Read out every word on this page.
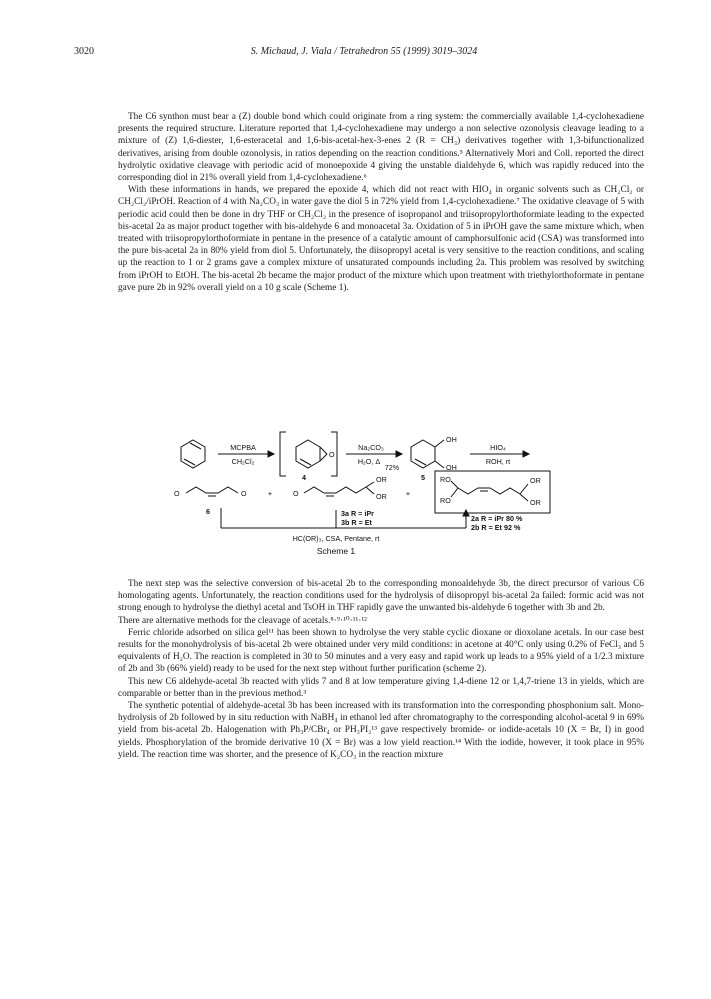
3020	S. Michaud, J. Viala / Tetrahedron 55 (1999) 3019–3024

The C6 synthon must bear a (Z) double bond which could originate from a ring system: the commercially available 1,4-cyclohexadiene presents the required structure. Literature reported that 1,4-cyclohexadiene may undergo a non selective ozonolysis cleavage leading to a mixture of (Z) 1,6-diester, 1,6-esteracetal and 1,6-bis-acetal-hex-3-enes 2 (R = CH₃) derivatives together with 1,3-bifunctionalized derivatives, arising from double ozonolysis, in ratios depending on the reaction conditions.⁵ Alternatively Mori and Coll. reported the direct hydrolytic oxidative cleavage with periodic acid of monoepoxide 4 giving the unstable dialdehyde 6, which was rapidly reduced into the corresponding diol in 21% overall yield from 1,4-cyclohexadiene.⁶

With these informations in hands, we prepared the epoxide 4, which did not react with HIO₄ in organic solvents such as CH₂Cl₂ or CH₂Cl₂/iPrOH. Reaction of 4 with Na₂CO₃ in water gave the diol 5 in 72% yield from 1,4-cyclohexadiene.⁷ The oxidative cleavage of 5 with periodic acid could then be done in dry THF or CH₂Cl₂ in the presence of isopropanol and triisopropylorthoformiate leading to the expected bis-acetal 2a as major product together with bis-aldehyde 6 and monoacetal 3a. Oxidation of 5 in iPrOH gave the same mixture which, when treated with triisopropylorthoformiate in pentane in the presence of a catalytic amount of camphorsulfonic acid (CSA) was transformed into the pure bis-acetal 2a in 80% yield from diol 5. Unfortunately, the diisopropyl acetal is very sensitive to the reaction conditions, and scaling up the reaction to 1 or 2 grams gave a complex mixture of unsaturated compounds including 2a. This problem was resolved by switching from iPrOH to EtOH. The bis-acetal 2b became the major product of the mixture which upon treatment with triethylorthoformate in pentane gave pure 2b in 92% overall yield on a 10 g scale (Scheme 1).

MCPBA
CH₂Cl₂
O
4
Na₂CO₃
H₂O, Δ
72%
OH
OH
5
HIO₄
ROH, rt
O	O	+	O
OR
OR	+
RO
RO
OR
OR
6	3a R = iPr
3b R = Et	2a R = iPr 80 %
2b R = Et 92 %
HC(OR)₃, CSA, Pentane, rt
Scheme 1

The next step was the selective conversion of bis-acetal 2b to the corresponding monoaldehyde 3b, the direct precursor of various C6 homologating agents. Unfortunately, the reaction conditions used for the hydrolysis of diisopropyl bis-acetal 2a failed: formic acid was not strong enough to hydrolyse the diethyl acetal and TsOH in THF rapidly gave the unwanted bis-aldehyde 6 together with 3b and 2b.

There are alternative methods for the cleavage of acetals.⁸·⁹·¹⁰·¹¹·¹²

Ferric chloride adsorbed on silica gel¹¹ has been shown to hydrolyse the very stable cyclic dioxane or dioxolane acetals. In our case best results for the monohydrolysis of bis-acetal 2b were obtained under very mild conditions: in acetone at 40°C only using 0.2% of FeCl₃ and 5 equivalents of H₂O. The reaction is completed in 30 to 50 minutes and a very easy and rapid work up leads to a 95% yield of a 1/2.3 mixture of 2b and 3b (66% yield) ready to be used for the next step without further purification (scheme 2).

This new C6 aldehyde-acetal 3b reacted with ylids 7 and 8 at low temperature giving 1,4-diene 12 or 1,4,7-triene 13 in yields, which are comparable or better than in the previous method.³

The synthetic potential of aldehyde-acetal 3b has been increased with its transformation into the corresponding phosphonium salt. Mono-hydrolysis of 2b followed by in situ reduction with NaBH₄ in ethanol led after chromatography to the corresponding alcohol-acetal 9 in 69% yield from bis-acetal 2b. Halogenation with Ph₃P/CBr₄ or PH₃PI₂¹³ gave respectively bromide- or iodide-acetals 10 (X = Br, I) in good yields. Phosphorylation of the bromide derivative 10 (X = Br) was a low yield reaction.¹⁴ With the iodide, however, it took place in 95% yield. The reaction time was shorter, and the presence of K₂CO₃ in the reaction mixture
